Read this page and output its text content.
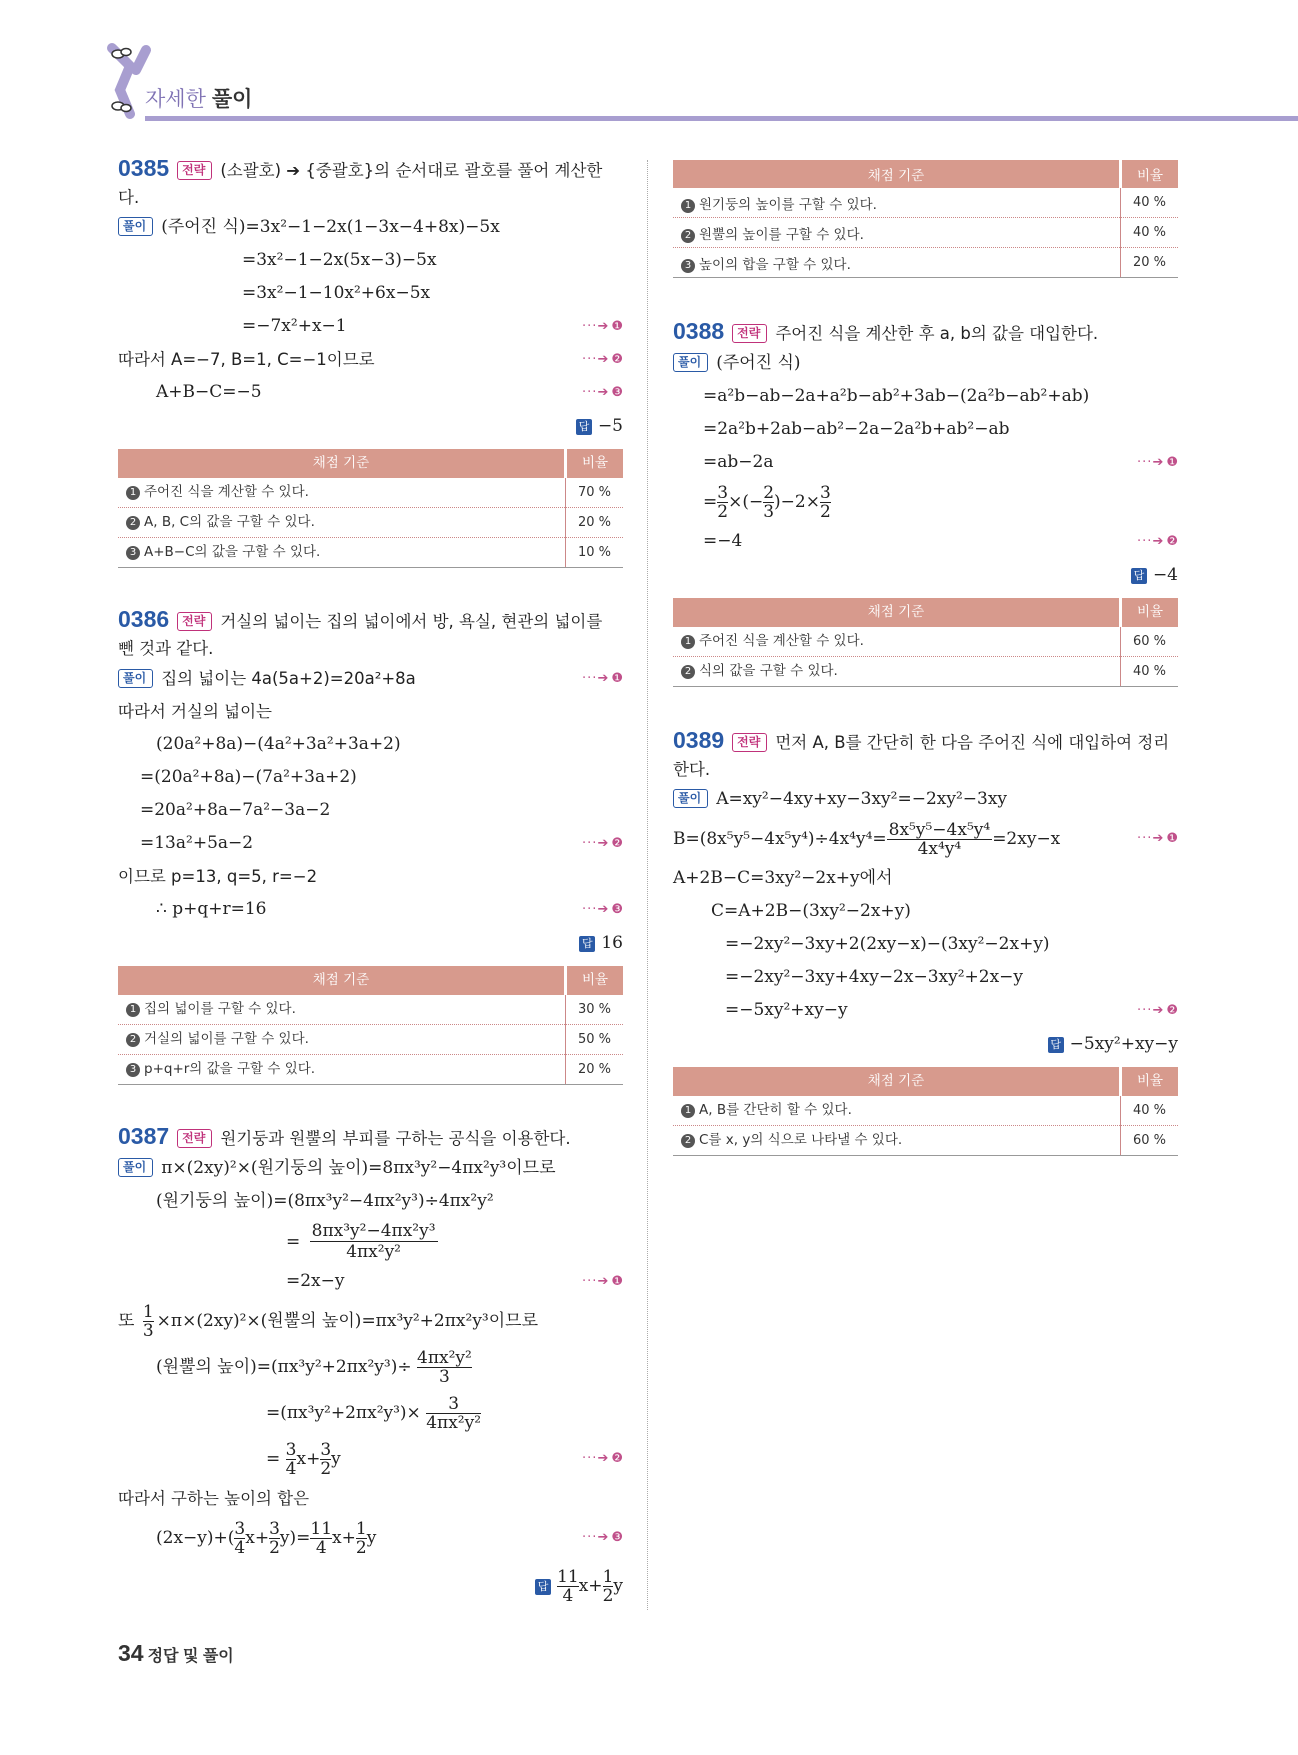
자세한 풀이
0385 전략 (소괄호) ➔ {중괄호}의 순서대로 괄호를 풀어 계산한다.
풀이 (주어진 식)=3x²−1−2x(1−3x−4+8x)−5x
=3x²−1−2x(5x−3)−5x
=3x²−1−10x²+6x−5x
=−7x²+x−1	···➔ ❶
따라서 A=−7, B=1, C=−1이므로	···➔ ❷
A+B−C=−5	···➔ ❸
답 −5
채점 기준	비율
1 주어진 식을 계산할 수 있다.	70 %
2 A, B, C의 값을 구할 수 있다.	20 %
3 A+B−C의 값을 구할 수 있다.	10 %
0386 전략 거실의 넓이는 집의 넓이에서 방, 욕실, 현관의 넓이를 뺀 것과 같다.
풀이 집의 넓이는 4a(5a+2)=20a²+8a	···➔ ❶
따라서 거실의 넓이는
(20a²+8a)−(4a²+3a²+3a+2)
=(20a²+8a)−(7a²+3a+2)
=20a²+8a−7a²−3a−2
=13a²+5a−2	···➔ ❷
이므로 p=13, q=5, r=−2
∴ p+q+r=16	···➔ ❸
답 16
채점 기준	비율
1 집의 넓이를 구할 수 있다.	30 %
2 거실의 넓이를 구할 수 있다.	50 %
3 p+q+r의 값을 구할 수 있다.	20 %
0387 전략 원기둥과 원뿔의 부피를 구하는 공식을 이용한다.
풀이 π×(2xy)²×(원기둥의 높이)=8πx³y²−4πx²y³이므로
(원기둥의 높이)=(8πx³y²−4πx²y³)÷4πx²y²
= $\frac{\text{8πx³y²−4πx²y³}}{\text{4πx²y²}}$
=2x−y	···➔ ❶
또 $\frac{1}{3} \times\pi\times(2xy)^2\times$(원뿔의 높이)=πx³y²+2πx²y³이므로
(원뿔의 높이)$=(\pi x^3y^2+2\pi x^2y^3)\div \frac{\text{4πx²y²}}{3}$
$=(\pi x^3y^2+2\pi x^2y^3)\times \frac{3}{\text{4πx²y²}}$
= $\frac{3}{4} x+ \frac{3}{2}$ y	···➔ ❷
따라서 구하는 높이의 합은
$(2x-y)+( \frac{3}{4} x+ \frac{3}{2} y)= \frac{11}{4} x+ \frac{1}{2}$ y	···➔ ❸
답 $\frac{11}{4} x+ \frac{1}{2}$ y
채점 기준	비율
1 원기둥의 높이를 구할 수 있다.	40 %
2 원뿔의 높이를 구할 수 있다.	40 %
3 높이의 합을 구할 수 있다.	20 %
0388 전략 주어진 식을 계산한 후 a, b의 값을 대입한다.
풀이 (주어진 식)
=a²b−ab−2a+a²b−ab²+3ab−(2a²b−ab²+ab)
=2a²b+2ab−ab²−2a−2a²b+ab²−ab
=ab−2a	···➔ ❶
= $\frac{3}{2}$ ×(− $\frac{2}{3} )-2\times \frac{3}{2}$
=−4	···➔ ❷
답 −4
채점 기준	비율
1 주어진 식을 계산할 수 있다.	60 %
2 식의 값을 구할 수 있다.	40 %
0389 전략 먼저 A, B를 간단히 한 다음 주어진 식에 대입하여 정리한다.
풀이 A=xy²−4xy+xy−3xy²=−2xy²−3xy
$B=(8x^5y^5-4x^5y^4)\div 4x^4y^4= \frac{\text{8x⁵y⁵−4x⁵y⁴}}{\text{4x⁴y⁴}} =2xy-x$	···➔ ❶
A+2B−C=3xy²−2x+y에서
C=A+2B−(3xy²−2x+y)
=−2xy²−3xy+2(2xy−x)−(3xy²−2x+y)
=−2xy²−3xy+4xy−2x−3xy²+2x−y
=−5xy²+xy−y	···➔ ❷
답 −5xy²+xy−y
채점 기준	비율
1 A, B를 간단히 할 수 있다.	40 %
2 C를 x, y의 식으로 나타낼 수 있다.	60 %
34 정답 및 풀이
